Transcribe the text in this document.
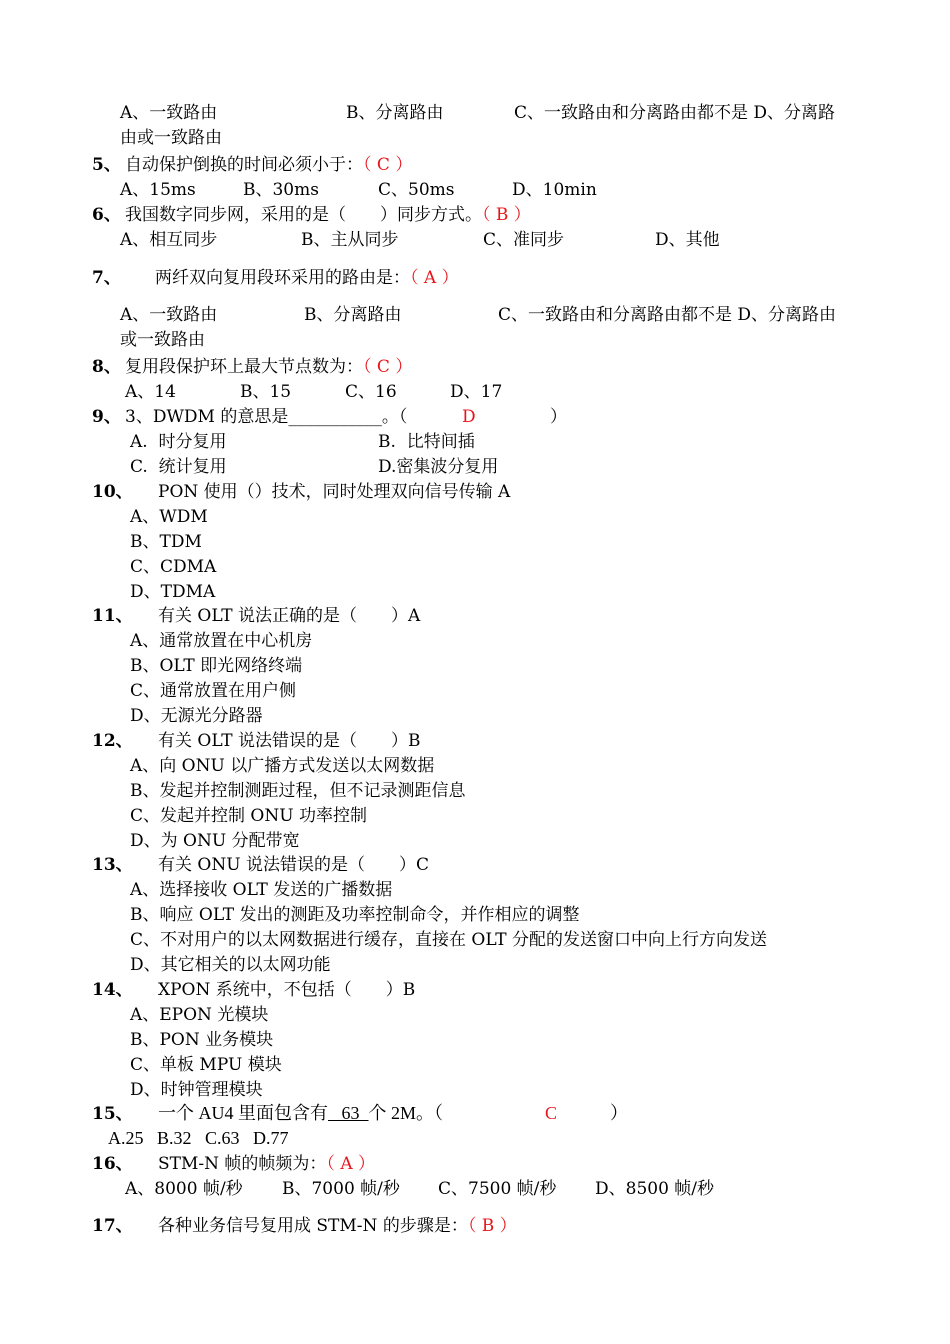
A、一致路由	B、分离路由	C、一致路由和分离路由都不是 D、分离路
由或一致路由
5、 自动保护倒换的时间必须小于：（ C ）
A、15ms	B、30ms	C、50ms	D、10min
6、 我国数字同步网，采用的是（　　）同步方式。（ B ）
A、相互同步	B、主从同步	C、准同步	D、其他
7、 两纤双向复用段环采用的路由是：（ A ）
A、一致路由	B、分离路由	C、一致路由和分离路由都不是 D、分离路由
或一致路由
8、 复用段保护环上最大节点数为：（ C ）
A、14	B、15	C、16	D、17
9、 3、DWDM 的意思是___________。（	D	）
A.  时分复用	B.  比特间插
C.  统计复用	D.密集波分复用
10、 PON 使用（）技术，同时处理双向信号传输 A
A、WDM
B、TDM
C、CDMA
D、TDMA
11、 有关 OLT 说法正确的是（　　）A
A、通常放置在中心机房
B、OLT 即光网络终端
C、通常放置在用户侧
D、无源光分路器
12、 有关 OLT 说法错误的是（　　）B
A、向 ONU 以广播方式发送以太网数据
B、发起并控制测距过程，但不记录测距信息
C、发起并控制 ONU 功率控制
D、为 ONU 分配带宽
13、 有关 ONU 说法错误的是（　　）C
A、选择接收 OLT 发送的广播数据
B、响应 OLT 发出的测距及功率控制命令，并作相应的调整
C、不对用户的以太网数据进行缓存，直接在 OLT 分配的发送窗口中向上行方向发送
D、其它相关的以太网功能
14、 XPON 系统中，不包括（　　）B
A、EPON 光模块
B、PON 业务模块
C、单板 MPU 模块
D、时钟管理模块
15、 一个 AU4 里面包含有   63  个 2M。（	C	）
A.25   B.32   C.63   D.77
16、 STM-N 帧的帧频为：（ A ）
A、8000 帧/秒 B、7000 帧/秒 C、7500 帧/秒 D、8500 帧/秒
17、 各种业务信号复用成 STM-N 的步骤是：（ B ）
